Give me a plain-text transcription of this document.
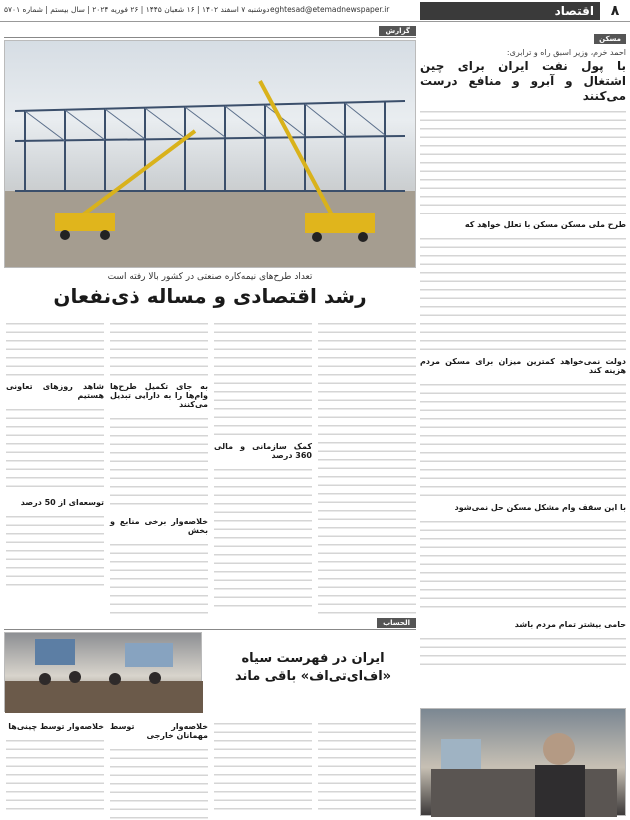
دوشنبه ۷ اسفند ۱۴۰۲ | ۱۶ شعبان ۱۴۴۵ | ۲۶ فوریه ۲۰۲۴ | سال بیستم | شماره ۵۷۰۱ eghtesad@etemadnewspaper.ir	اقتصاد	۸
مسکن
احمد خرم، وزیر اسبق راه و ترابری:
با پول نفت ایران برای چین اشتغال و آبرو و منافع درست می‌کنند
طرح ملی مسکن مسکن با تعلل خواهد که
دولت نمی‌خواهد کمترین میزان برای مسکن مردم هزینه کند
با این سقف وام مشکل مسکن حل نمی‌شود
حامی بیشتر تمام مردم باشد
گزارش
تعداد طرح‌های نیمه‌کاره صنعتی در کشور بالا رفته است
رشد اقتصادی و مساله ذی‌نفعان
کمک سازمانی و مالی 360 درصد
به جای تکمیل طرح‌ها وام‌ها را به دارایی تبدیل می‌کنند
خلاصه‌وار برخی منابع و بخش
شاهد روزهای تعاونی هستیم
توسعه‌ای از 50 درصد
الحساب
ایران در فهرست سیاه «اف‌ای‌تی‌اف» باقی ماند
خلاصه‌وار توسط مهمانان خارجی
خلاصه‌وار توسط چینی‌ها
